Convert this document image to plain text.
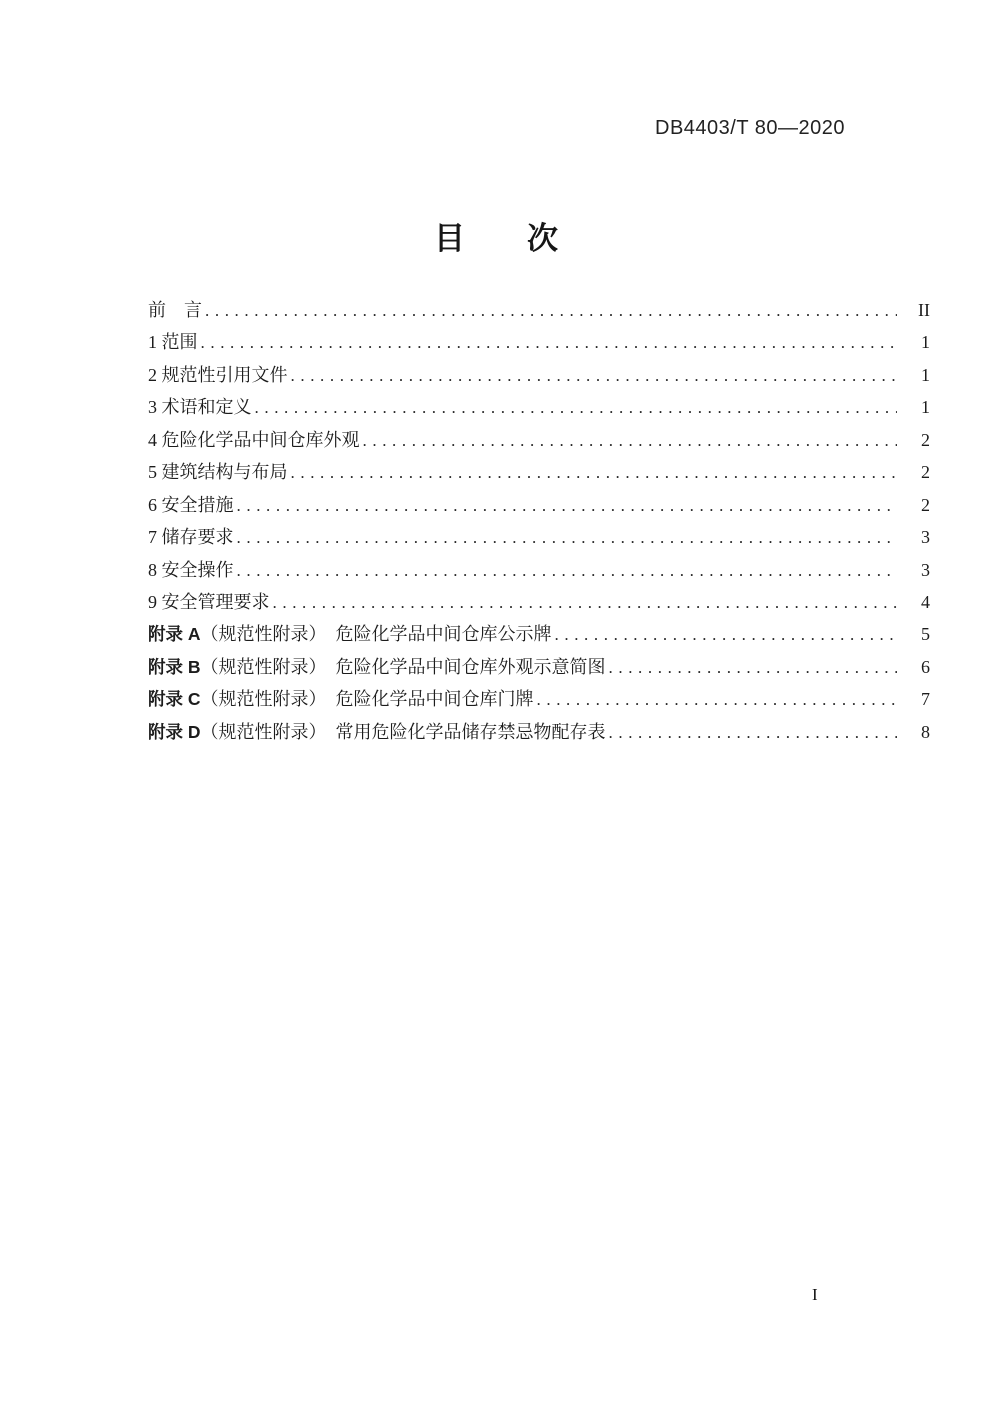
DB4403/T 80—2020
目　　次
前　言 .....	II
1 范围 .....	1
2 规范性引用文件 .....	1
3 术语和定义 .....	1
4 危险化学品中间仓库外观 .....	2
5 建筑结构与布局 .....	2
6 安全措施 .....	2
7 储存要求 .....	3
8 安全操作 .....	3
9 安全管理要求 .....	4
附录 A （规范性附录）　危险化学品中间仓库公示牌 .....	5
附录 B （规范性附录）　危险化学品中间仓库外观示意简图 .....	6
附录 C （规范性附录）　危险化学品中间仓库门牌 .....	7
附录 D （规范性附录）　常用危险化学品储存禁忌物配存表 .....	8
I
